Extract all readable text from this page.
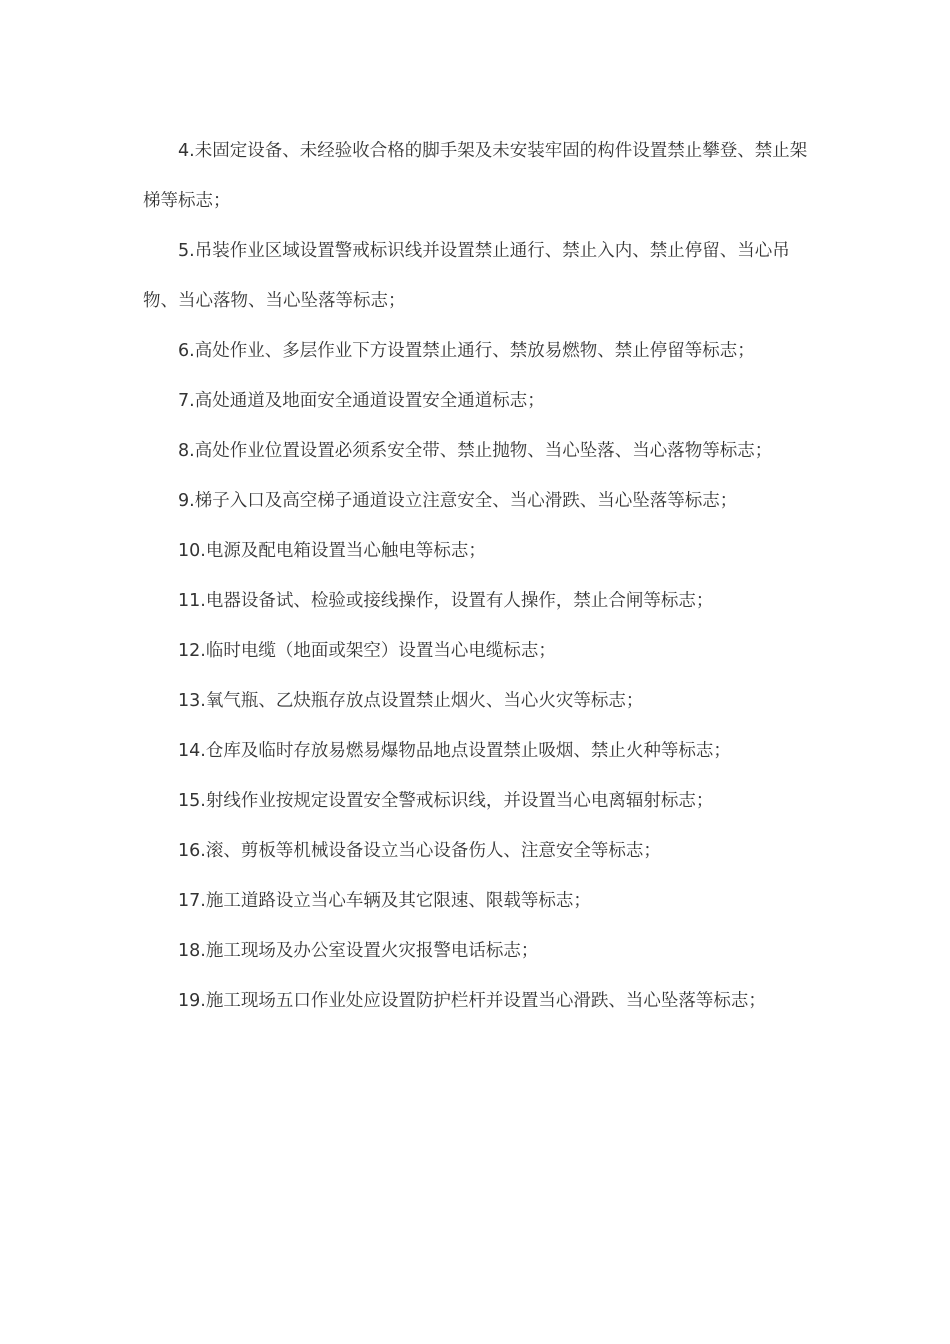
4.未固定设备、未经验收合格的脚手架及未安装牢固的构件设置禁止攀登、禁止架梯等标志；

5.吊装作业区域设置警戒标识线并设置禁止通行、禁止入内、禁止停留、当心吊物、当心落物、当心坠落等标志；

6.高处作业、多层作业下方设置禁止通行、禁放易燃物、禁止停留等标志；

7.高处通道及地面安全通道设置安全通道标志；

8.高处作业位置设置必须系安全带、禁止抛物、当心坠落、当心落物等标志；

9.梯子入口及高空梯子通道设立注意安全、当心滑跌、当心坠落等标志；

10.电源及配电箱设置当心触电等标志；

11.电器设备试、检验或接线操作，设置有人操作，禁止合闸等标志；

12.临时电缆（地面或架空）设置当心电缆标志；

13.氧气瓶、乙炔瓶存放点设置禁止烟火、当心火灾等标志；

14.仓库及临时存放易燃易爆物品地点设置禁止吸烟、禁止火种等标志；

15.射线作业按规定设置安全警戒标识线，并设置当心电离辐射标志；

16.滚、剪板等机械设备设立当心设备伤人、注意安全等标志；

17.施工道路设立当心车辆及其它限速、限载等标志；

18.施工现场及办公室设置火灾报警电话标志；

19.施工现场五口作业处应设置防护栏杆并设置当心滑跌、当心坠落等标志；
